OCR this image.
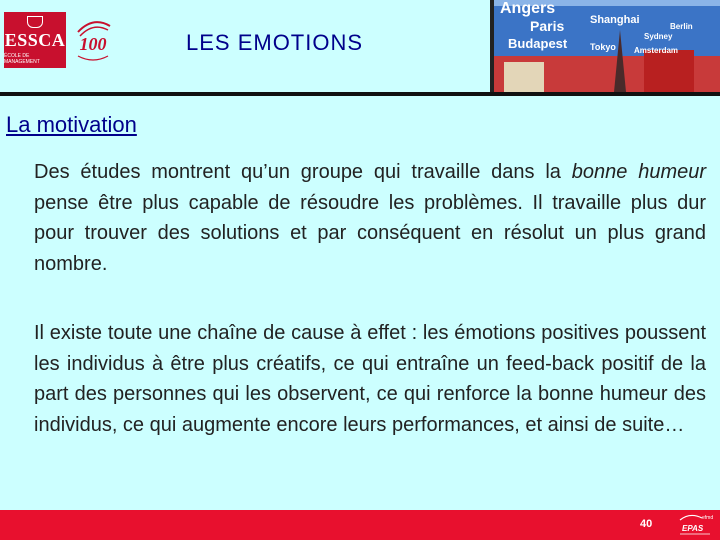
ESSCA
ÉCOLE DE MANAGEMENT
100	LES EMOTIONS
Angers
Paris Shanghai
Budapest	Tokyo Amsterdam
Berlin
Sydney
La motivation

Des études montrent qu’un groupe qui travaille dans la bonne humeur pense être plus capable de résoudre les problèmes. Il travaille plus dur pour trouver des solutions et par conséquent en résolut un plus grand nombre.

Il existe toute une chaîne de cause à effet : les émotions positives poussent les individus à être plus créatifs, ce qui entraîne un feed-back positif de la part des personnes qui les observent, ce qui renforce la bonne humeur des individus, ce qui augmente encore leurs performances, et ainsi de suite…

40	efmd
EPAS
